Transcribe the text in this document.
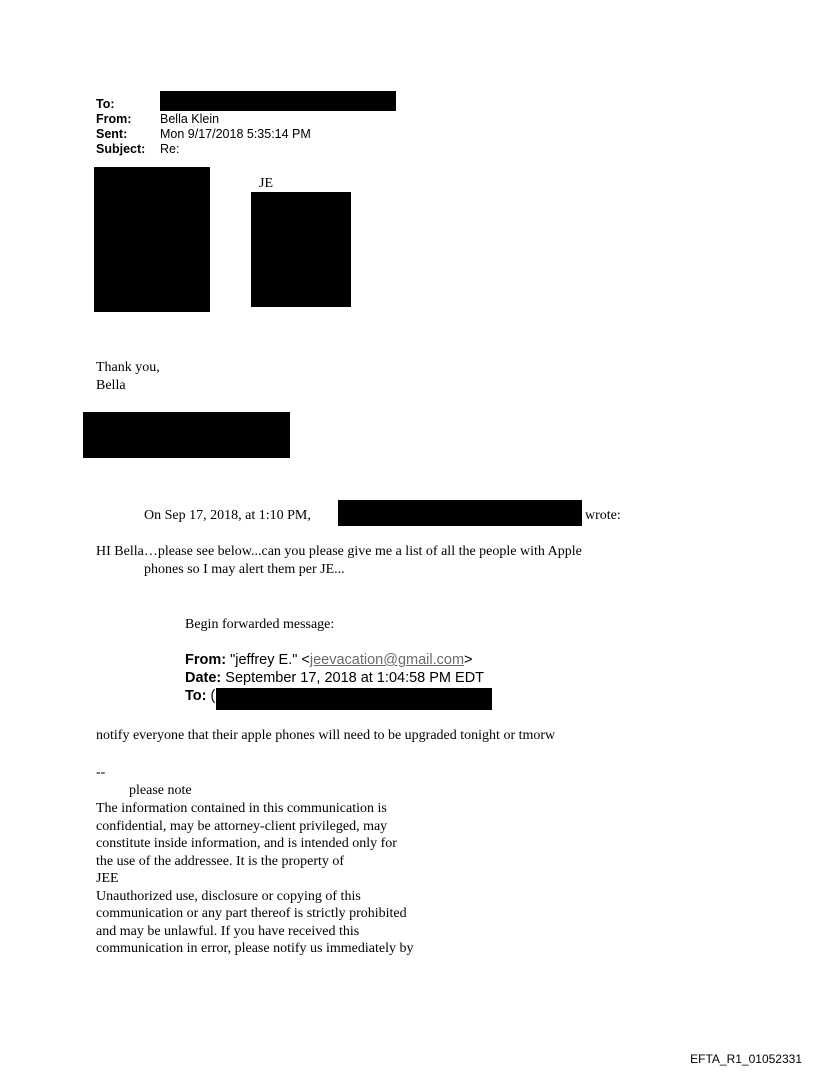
To:
From: Bella Klein
Sent:	Mon 9/17/2018 5:35:14 PM
Subject: Re:
JE
Thank you,
Bella
On Sep 17, 2018, at 1:10 PM,	wrote:
HI Bella…please see below...can you please give me a list of all the people with Apple
phones so I may alert them per JE...
Begin forwarded message:
From: "jeffrey E." <jeevacation@gmail.com>
Date: September 17, 2018 at 1:04:58 PM EDT
To: (
notify everyone that their apple phones will need to be upgraded tonight or tmorw
--
please note
The information contained in this communication is
confidential, may be attorney-client privileged, may
constitute inside information, and is intended only for
the use of the addressee. It is the property of
JEE
Unauthorized use, disclosure or copying of this
communication or any part thereof is strictly prohibited
and may be unlawful. If you have received this
communication in error, please notify us immediately by
EFTA_R1_01052331
